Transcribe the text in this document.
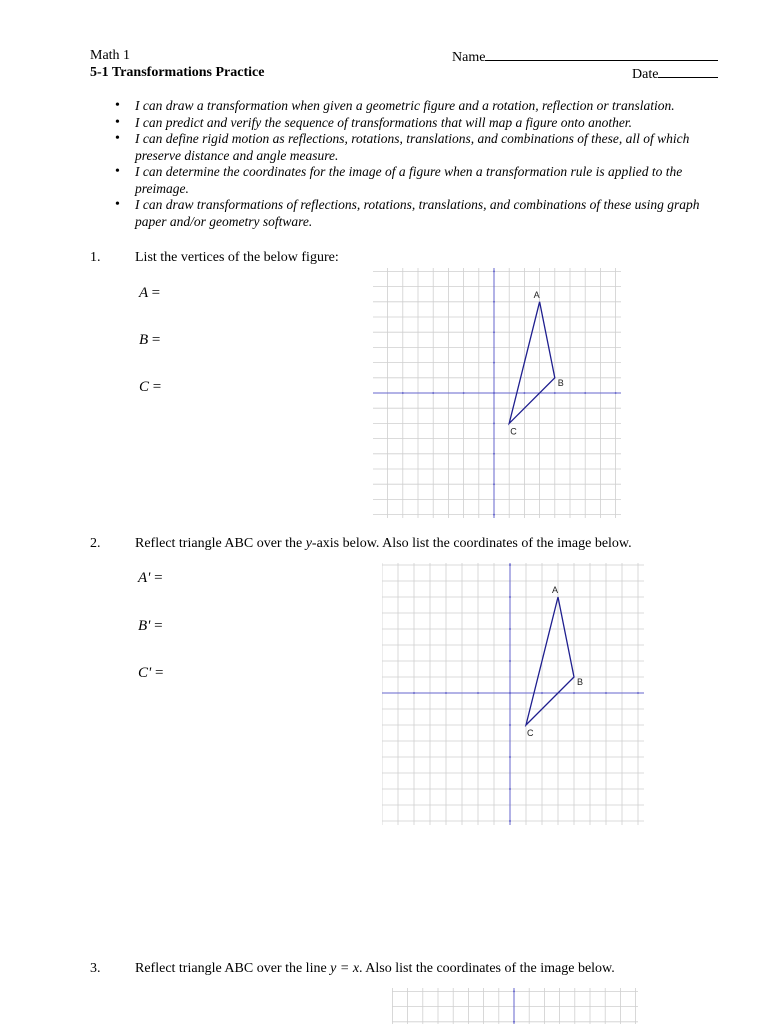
Math 1
5-1 Transformations Practice
Name
Date
• I can draw a transformation when given a geometric figure and a rotation, reflection or translation.
• I can predict and verify the sequence of transformations that will map a figure onto another.
• I can define rigid motion as reflections, rotations, translations, and combinations of these, all of which preserve distance and angle measure.
• I can determine the coordinates for the image of a figure when a transformation rule is applied to the preimage.
• I can draw transformations of reflections, rotations, translations, and combinations of these using graph paper and/or geometry software.
1. List the vertices of the below figure:
A =
B =
C =
A
B
C
2. Reflect triangle ABC over the y-axis below. Also list the coordinates of the image below.
A' =
B' =
C' =
A
B
C
3. Reflect triangle ABC over the line y = x. Also list the coordinates of the image below.
